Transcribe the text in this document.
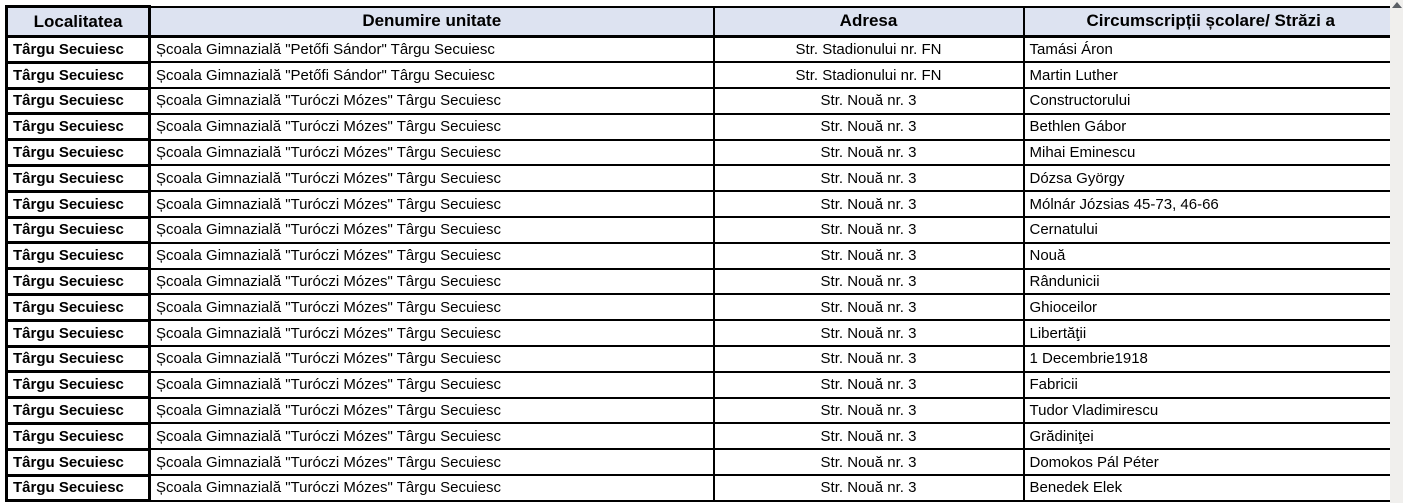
Localitatea	Denumire unitate	Adresa	Circumscripții școlare/ Străzi a
Târgu Secuiesc	Școala Gimnazială "Petőfi Sándor" Târgu Secuiesc	Str. Stadionului nr. FN	Tamási Áron
Târgu Secuiesc	Școala Gimnazială "Petőfi Sándor" Târgu Secuiesc	Str. Stadionului nr. FN	Martin Luther
Târgu Secuiesc	Școala Gimnazială "Turóczi Mózes" Târgu Secuiesc	Str. Nouă nr. 3	Constructorului
Târgu Secuiesc	Școala Gimnazială "Turóczi Mózes" Târgu Secuiesc	Str. Nouă nr. 3	Bethlen Gábor
Târgu Secuiesc	Școala Gimnazială "Turóczi Mózes" Târgu Secuiesc	Str. Nouă nr. 3	Mihai Eminescu
Târgu Secuiesc	Școala Gimnazială "Turóczi Mózes" Târgu Secuiesc	Str. Nouă nr. 3	Dózsa György
Târgu Secuiesc	Școala Gimnazială "Turóczi Mózes" Târgu Secuiesc	Str. Nouă nr. 3	Mólnár Józsias 45-73, 46-66
Târgu Secuiesc	Școala Gimnazială "Turóczi Mózes" Târgu Secuiesc	Str. Nouă nr. 3	Cernatului
Târgu Secuiesc	Școala Gimnazială "Turóczi Mózes" Târgu Secuiesc	Str. Nouă nr. 3	Nouă
Târgu Secuiesc	Școala Gimnazială "Turóczi Mózes" Târgu Secuiesc	Str. Nouă nr. 3	Rândunicii
Târgu Secuiesc	Școala Gimnazială "Turóczi Mózes" Târgu Secuiesc	Str. Nouă nr. 3	Ghioceilor
Târgu Secuiesc	Școala Gimnazială "Turóczi Mózes" Târgu Secuiesc	Str. Nouă nr. 3	Libertăţii
Târgu Secuiesc	Școala Gimnazială "Turóczi Mózes" Târgu Secuiesc	Str. Nouă nr. 3	1 Decembrie1918
Târgu Secuiesc	Școala Gimnazială "Turóczi Mózes" Târgu Secuiesc	Str. Nouă nr. 3	Fabricii
Târgu Secuiesc	Școala Gimnazială "Turóczi Mózes" Târgu Secuiesc	Str. Nouă nr. 3	Tudor Vladimirescu
Târgu Secuiesc	Școala Gimnazială "Turóczi Mózes" Târgu Secuiesc	Str. Nouă nr. 3	Grădiniţei
Târgu Secuiesc	Școala Gimnazială "Turóczi Mózes" Târgu Secuiesc	Str. Nouă nr. 3	Domokos Pál Péter
Târgu Secuiesc	Școala Gimnazială "Turóczi Mózes" Târgu Secuiesc	Str. Nouă nr. 3	Benedek Elek
